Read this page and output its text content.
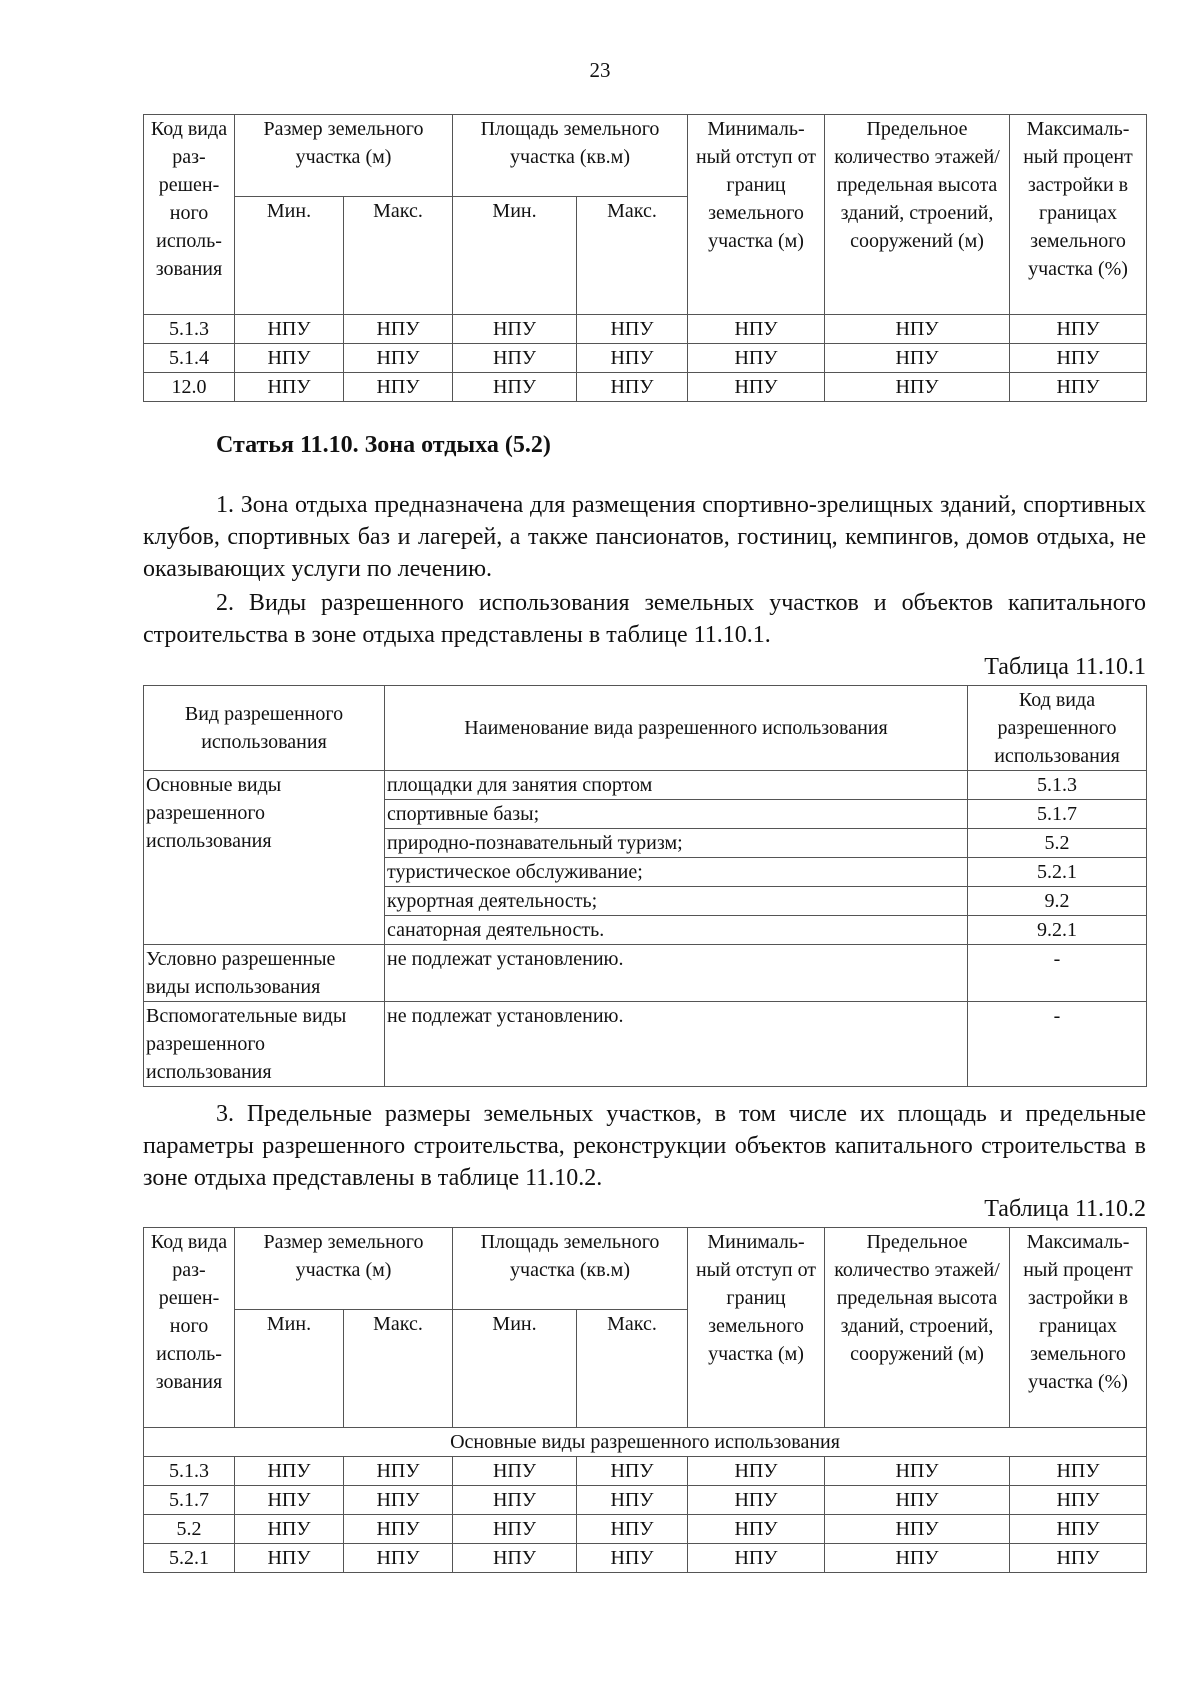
23
Код вида раз-решен-ного исполь-зования	Размер земельного участка (м)		Площадь земельного участка (кв.м)		Минималь-ный отступ от границ земельного участка (м)	Предельное количество этажей/ предельная высота зданий, строений, сооружений (м)	Максималь-ный процент застройки в границах земельного участка (%)
	Мин.	Макс.	Мин.	Макс.			
5.1.3	НПУ	НПУ	НПУ	НПУ	НПУ	НПУ	НПУ
5.1.4	НПУ	НПУ	НПУ	НПУ	НПУ	НПУ	НПУ
12.0	НПУ	НПУ	НПУ	НПУ	НПУ	НПУ	НПУ
Статья 11.10. Зона отдыха (5.2)

1. Зона отдыха предназначена для размещения спортивно-зрелищных зданий, спортивных клубов, спортивных баз и лагерей, а также пансионатов, гостиниц, кемпингов, домов отдыха, не оказывающих услуги по лечению.

2. Виды разрешенного использования земельных участков и объектов капитального строительства в зоне отдыха представлены в таблице 11.10.1.

Таблица 11.10.1
Вид разрешенного использования	Наименование вида разрешенного использования	Код вида разрешенного использования
Основные виды разрешенного использования	площадки для занятия спортом	5.1.3
	спортивные базы;	5.1.7
	природно-познавательный туризм;	5.2
	туристическое обслуживание;	5.2.1
	курортная деятельность;	9.2
	санаторная деятельность.	9.2.1
Условно разрешенные виды использования	не подлежат установлению.	-
Вспомогательные виды разрешенного использования	не подлежат установлению.	-

3. Предельные размеры земельных участков, в том числе их площадь и предельные параметры разрешенного строительства, реконструкции объектов капитального строительства в зоне отдыха представлены в таблице 11.10.2.

Таблица 11.10.2
Код вида раз-решен-ного исполь-зования	Размер земельного участка (м)		Площадь земельного участка (кв.м)		Минималь-ный отступ от границ земельного участка (м)	Предельное количество этажей/ предельная высота зданий, строений, сооружений (м)	Максималь-ный процент застройки в границах земельного участка (%)
	Мин.	Макс.	Мин.	Макс.			
Основные виды разрешенного использования							
5.1.3	НПУ	НПУ	НПУ	НПУ	НПУ	НПУ	НПУ
5.1.7	НПУ	НПУ	НПУ	НПУ	НПУ	НПУ	НПУ
5.2	НПУ	НПУ	НПУ	НПУ	НПУ	НПУ	НПУ
5.2.1	НПУ	НПУ	НПУ	НПУ	НПУ	НПУ	НПУ
